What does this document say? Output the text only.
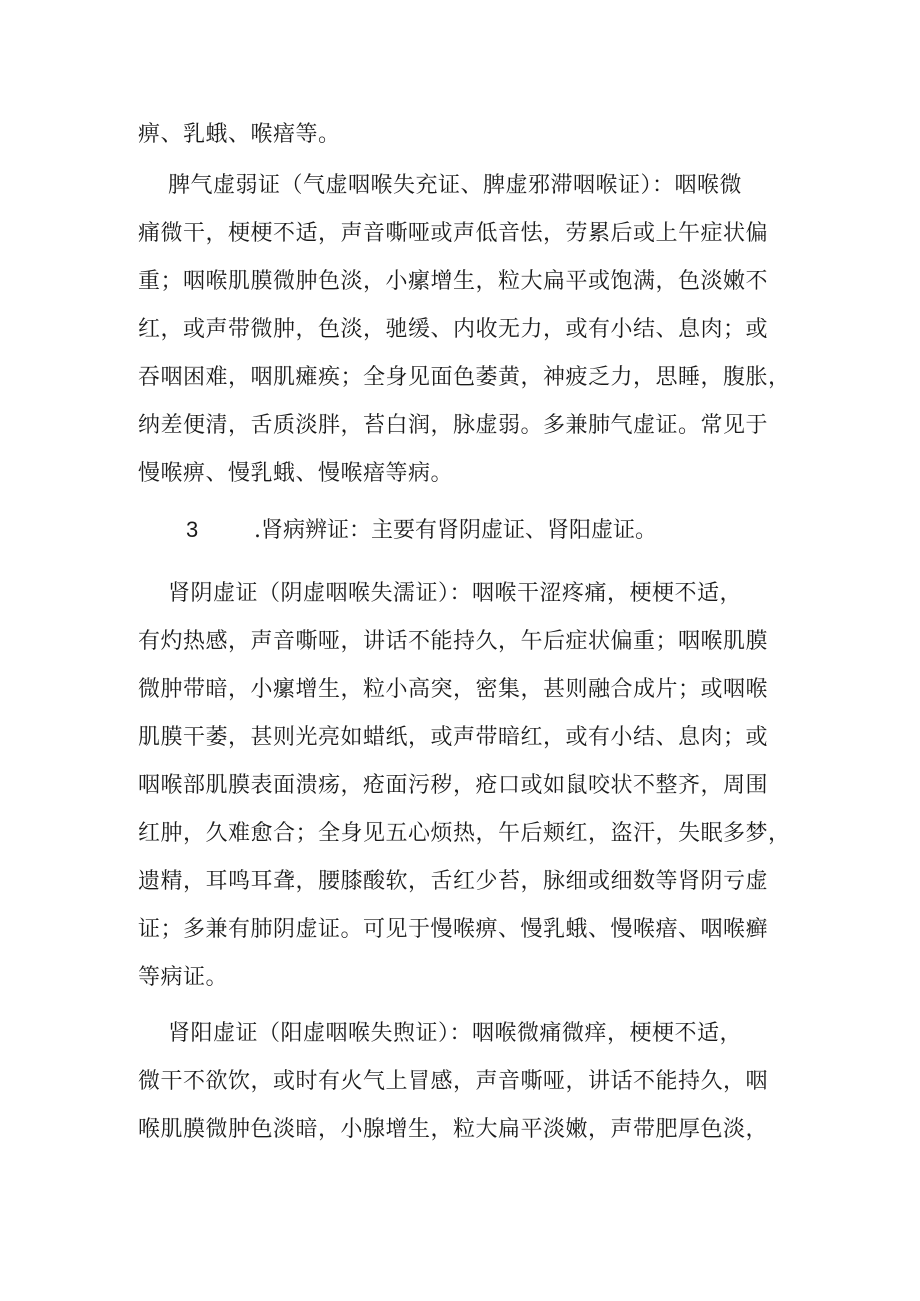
痹、乳蛾、喉瘖等。
　 脾气虚弱证（气虚咽喉失充证、脾虚邪滞咽喉证）：咽喉微
痛微干，梗梗不适，声音嘶哑或声低音怯，劳累后或上午症状偏
重；咽喉肌膜微肿色淡，小瘰增生，粒大扁平或饱满，色淡嫩不
红，或声带微肿，色淡，驰缓、内收无力，或有小结、息肉；或
吞咽困难，咽肌瘫痪；全身见面色萎黄，神疲乏力，思睡，腹胀，
纳差便清，舌质淡胖，苔白润，脉虚弱。多兼肺气虚证。常见于
慢喉痹、慢乳蛾、慢喉瘖等病。
3	.肾病辨证：主要有肾阴虚证、肾阳虚证。
　 肾阴虚证（阴虚咽喉失濡证）：咽喉干涩疼痛，梗梗不适，
有灼热感，声音嘶哑，讲话不能持久，午后症状偏重；咽喉肌膜
微肿带暗，小瘰增生，粒小高突，密集，甚则融合成片；或咽喉
肌膜干萎，甚则光亮如蜡纸，或声带暗红，或有小结、息肉；或
咽喉部肌膜表面溃疡，疮面污秽，疮口或如鼠咬状不整齐，周围
红肿，久难愈合；全身见五心烦热，午后颊红，盗汗，失眠多梦，
遗精，耳鸣耳聋，腰膝酸软，舌红少苔，脉细或细数等肾阴亏虚
证；多兼有肺阴虚证。可见于慢喉痹、慢乳蛾、慢喉瘖、咽喉癣
等病证。
　 肾阳虚证（阳虚咽喉失煦证）：咽喉微痛微痒，梗梗不适，
微干不欲饮，或时有火气上冒感，声音嘶哑，讲话不能持久，咽
喉肌膜微肿色淡暗，小腺增生，粒大扁平淡嫩，声带肥厚色淡，
